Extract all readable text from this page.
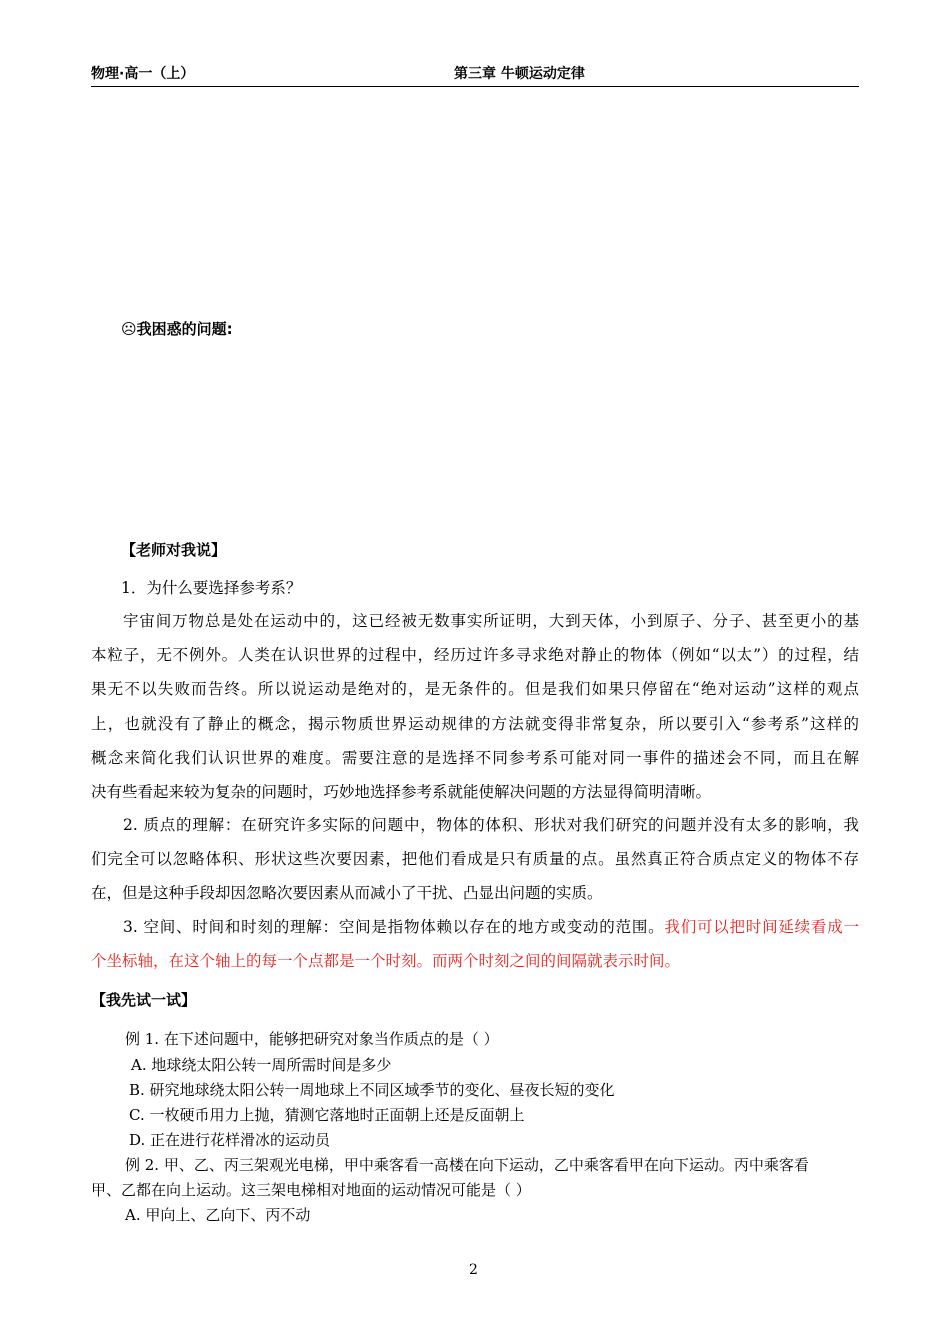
物理·高一（上）	第三章 牛顿运动定律
☹我困惑的问题:
【老师对我说】
1．为什么要选择参考系？
宇宙间万物总是处在运动中的，这已经被无数事实所证明，大到天体，小到原子、分子、甚至更小的基
本粒子，无不例外。人类在认识世界的过程中，经历过许多寻求绝对静止的物体（例如“以太”）的过程，结
果无不以失败而告终。所以说运动是绝对的，是无条件的。但是我们如果只停留在“绝对运动”这样的观点
上，也就没有了静止的概念，揭示物质世界运动规律的方法就变得非常复杂，所以要引入“参考系”这样的
概念来简化我们认识世界的难度。需要注意的是选择不同参考系可能对同一事件的描述会不同，而且在解
决有些看起来较为复杂的问题时，巧妙地选择参考系就能使解决问题的方法显得简明清晰。
2. 质点的理解：在研究许多实际的问题中，物体的体积、形状对我们研究的问题并没有太多的影响，我
们完全可以忽略体积、形状这些次要因素，把他们看成是只有质量的点。虽然真正符合质点定义的物体不存
在，但是这种手段却因忽略次要因素从而减小了干扰、凸显出问题的实质。
3. 空间、时间和时刻的理解：空间是指物体赖以存在的地方或变动的范围。我们可以把时间延续看成一
个坐标轴，在这个轴上的每一个点都是一个时刻。而两个时刻之间的间隔就表示时间。
【我先试一试】
例 1. 在下述问题中，能够把研究对象当作质点的是（ ）
A. 地球绕太阳公转一周所需时间是多少
B. 研究地球绕太阳公转一周地球上不同区域季节的变化、昼夜长短的变化
C. 一枚硬币用力上抛，猜测它落地时正面朝上还是反面朝上
D. 正在进行花样滑冰的运动员
例 2. 甲、乙、丙三架观光电梯，甲中乘客看一高楼在向下运动，乙中乘客看甲在向下运动。丙中乘客看
甲、乙都在向上运动。这三架电梯相对地面的运动情况可能是（ ）
A. 甲向上、乙向下、丙不动
2
